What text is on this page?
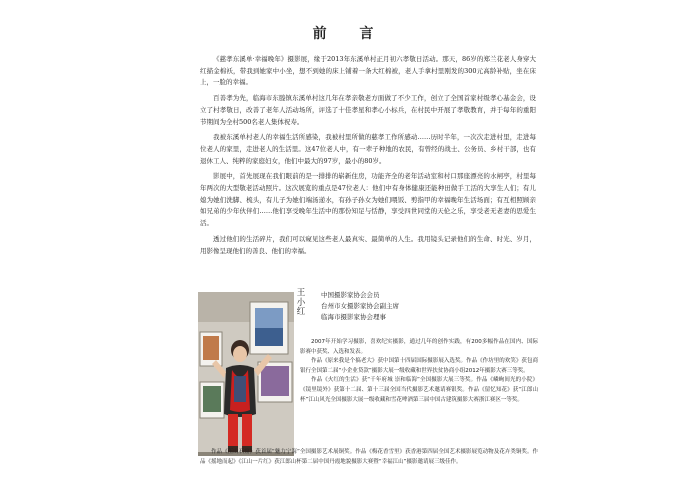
前 言

《慈孝东溪单·幸福晚年》摄影展，缘于2013年东溪单村正月初六孝敬日活动。那天，86岁的郑兰花老人身穿大红描金棉袄，带我到她家中小坐，想不到她的床上铺着一条大红棉被，老人手拿村里刚发的300元高龄补贴，坐在床上，一脸的幸福。

百善孝为先，临海市东塍镇东溪单村这几年在孝亲敬老方面做了不少工作，创立了全国首家村级孝心基金会，设立了村孝敬日，改善了老年人活动场所，评选了十佳孝星和孝心小标兵，在村民中开展了孝敬教育，并于每年的重阳节期间为全村500名老人集体祝寿。

我被东溪单村老人的幸福生活所感染，我被村里所做的慈孝工作所感动……历时半年，一次次走进村里，走进每位老人的家里，走进老人的生活里。这47位老人中，有一辈子种地的农民，有曾经的战士、公务员、乡村干部，也有退休工人、纯粹的家庭妇女，他们中最大的97岁，最小的80岁。

影展中，首先展现在我们眼前的是一排排的崭新住房，功能齐全的老年活动室和村口那座漂亮的水闸亭，村里每年两次的大型敬老活动照片。这次展览的重点是47位老人：他们中有身体健康还能种田做手工活的大享生人们；有儿媳为她们洗脚、梳头，有儿子为她们端汤递水，有孙子孙女为她们喂饭、剪指甲的幸福晚年生活场面；有互相照顾亲如兄弟的少年伙伴们……他们享受晚年生活中的那份知足与恬静，享受四世同堂的天伦之乐，享受老无老妻的思爱生活。

透过他们的生活碎片，我们可以窥见这些老人最真实、最简单的人生。我用镜头记录他们的生命、时光、岁月，用影像呈现他们的善良、他们的幸福。

王小红

中国摄影家协会会员

台州市女摄影家协会副主席

临海市摄影家协会理事

2007年开始学习摄影，喜欢纪实摄影，通过几年的创作实践，有200多幅作品在国内、国际影赛中获奖、入选和发表。

作品《原来我是个搞老大》获中国第十四届国际摄影展入选奖。作品《作坊里的欢笑》获包商银行全国第二届“小企业贷款”摄影大展一级收藏和世界扶贫协商小组2012年摄影大赛三等奖。

作品《火红的生活》获“千年府城 崇和临海”全国摄影大展三等奖。作品《嶙峋间光的小院》《镜里镜外》获第十二届、第十三届全国当代摄影艺术邀请赛银奖。作品《留忆知花》获“江郎山杯”江山风光全国摄影大展一级收藏和雪花啤酒第三届中国古建筑摄影大赛浙江赛区一等奖。

作品《伍山石窟》获首届“魅力宁海”全国摄影艺术展铜奖。作品《梅花香雪里》获香港第四届全国艺术摄影展览动物及花卉类铜奖。作品《摇地而起》《江山一片红》获江郎山杯第二届中国丹霞地貌摄影大赛暨“幸福江山”摄影邀请展三级佳作。
